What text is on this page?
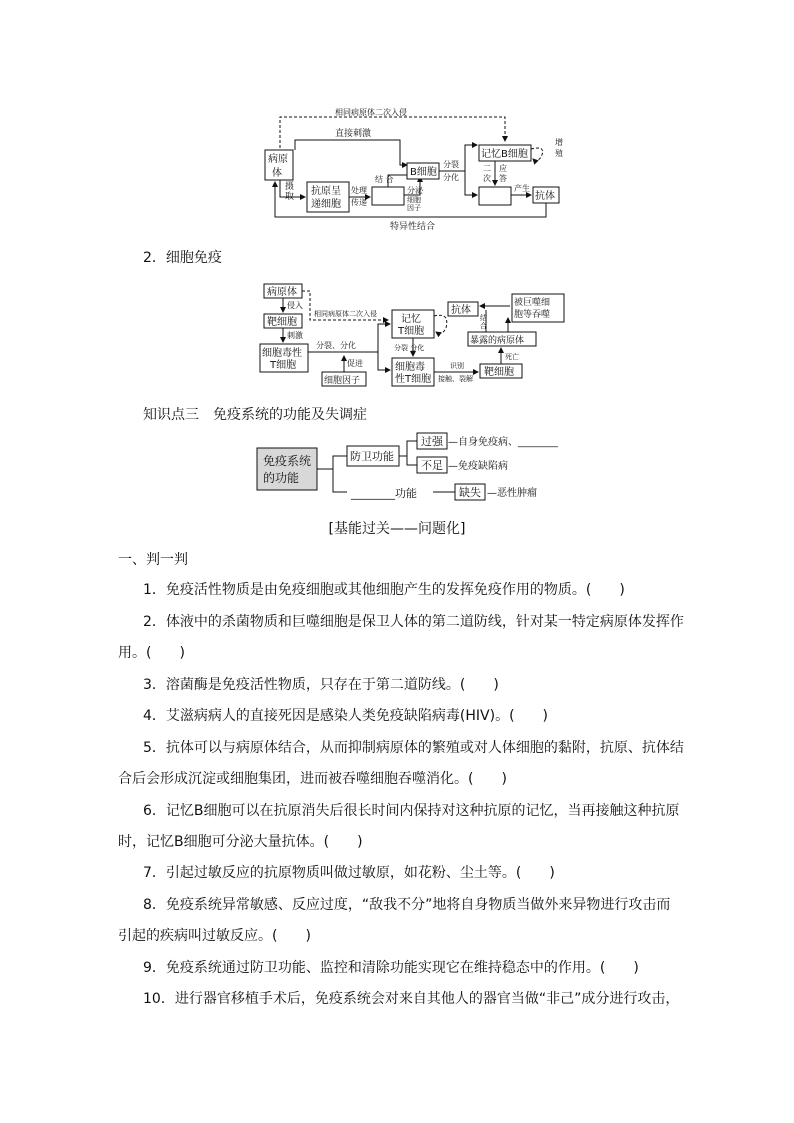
相同病原体二次入侵
直接刺激
病原
体
摄
取 抗原呈
递细胞
处理
传递
结 合
分泌
细胞
因子
B细胞
分裂
分化
记忆B细胞
增
殖
二
次
应
答
产生
抗体
特异性结合
2．细胞免疫
病原体
侵入
靶细胞
刺激
相同病原体二次入侵
细胞毒性
T细胞
分裂、分化
细胞因子
促进
记忆
T细胞
分裂 分化
细胞毒
性T细胞
识别
接触、裂解
靶细胞
死亡
暴露的病原体
结
合
抗体
被巨噬细
胞等吞噬
知识点三　免疫系统的功能及失调症
免疫系统
的功能
防卫功能
过强 —自身免疫病、________
不足 —免疫缺陷病
________功能	缺失 —恶性肿瘤
[基能过关——问题化]
一、判一判
1．免疫活性物质是由免疫细胞或其他细胞产生的发挥免疫作用的物质。(　　)
2．体液中的杀菌物质和巨噬细胞是保卫人体的第二道防线，针对某一特定病原体发挥作
用。(　　)
3．溶菌酶是免疫活性物质，只存在于第二道防线。(　　)
4．艾滋病病人的直接死因是感染人类免疫缺陷病毒(HIV)。(　　)
5．抗体可以与病原体结合，从而抑制病原体的繁殖或对人体细胞的黏附，抗原、抗体结
合后会形成沉淀或细胞集团，进而被吞噬细胞吞噬消化。(　　)
6．记忆B细胞可以在抗原消失后很长时间内保持对这种抗原的记忆，当再接触这种抗原
时，记忆B细胞可分泌大量抗体。(　　)
7．引起过敏反应的抗原物质叫做过敏原，如花粉、尘土等。(　　)
8．免疫系统异常敏感、反应过度，“敌我不分”地将自身物质当做外来异物进行攻击而
引起的疾病叫过敏反应。(　　)
9．免疫系统通过防卫功能、监控和清除功能实现它在维持稳态中的作用。(　　)
10．进行器官移植手术后，免疫系统会对来自其他人的器官当做“非己”成分进行攻击，
